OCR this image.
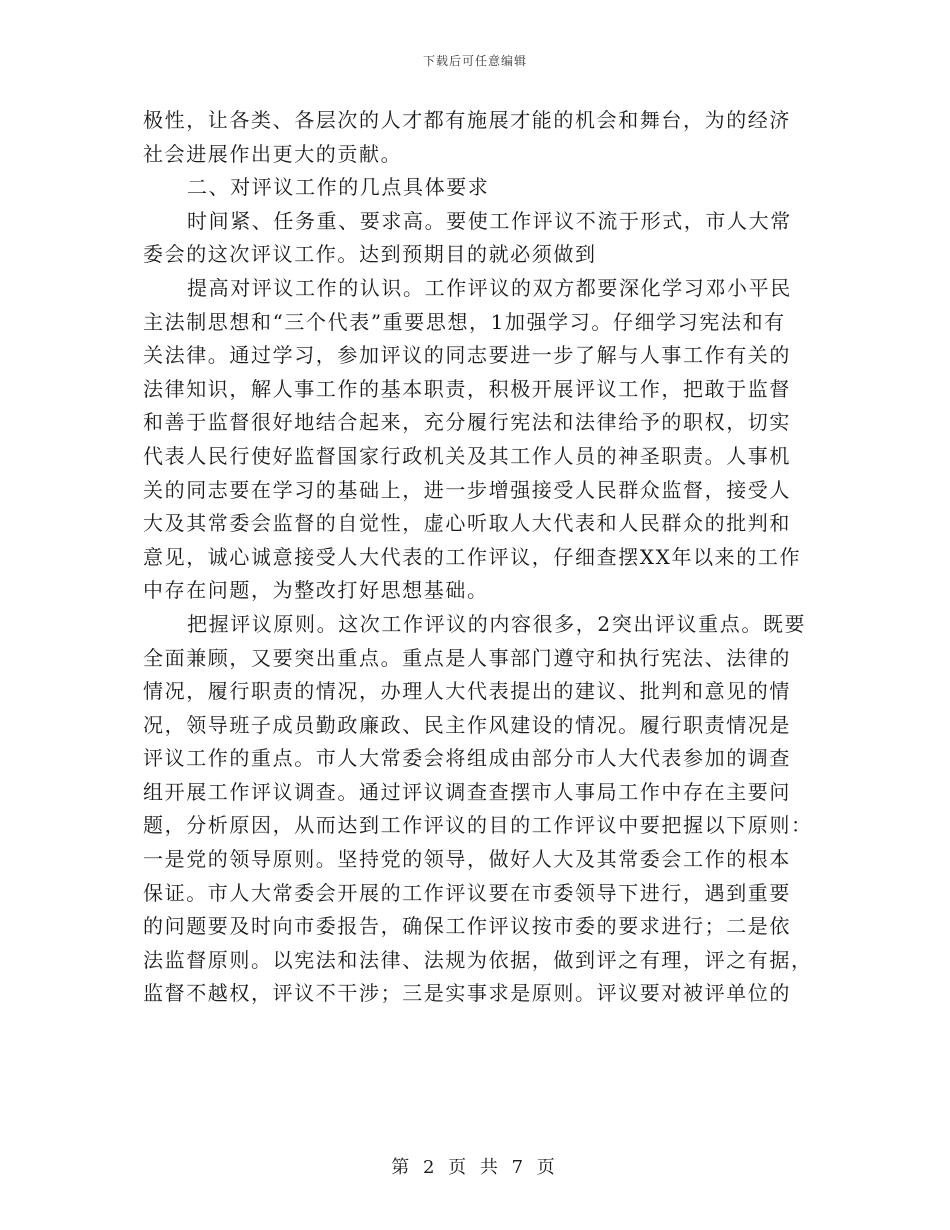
下载后可任意编辑
极性，让各类、各层次的人才都有施展才能的机会和舞台，为的经济
社会进展作出更大的贡献。
二、对评议工作的几点具体要求
时间紧、任务重、要求高。要使工作评议不流于形式，市人大常
委会的这次评议工作。达到预期目的就必须做到
提高对评议工作的认识。工作评议的双方都要深化学习邓小平民
主法制思想和“三个代表”重要思想，1加强学习。仔细学习宪法和有
关法律。通过学习，参加评议的同志要进一步了解与人事工作有关的
法律知识，解人事工作的基本职责，积极开展评议工作，把敢于监督
和善于监督很好地结合起来，充分履行宪法和法律给予的职权，切实
代表人民行使好监督国家行政机关及其工作人员的神圣职责。人事机
关的同志要在学习的基础上，进一步增强接受人民群众监督，接受人
大及其常委会监督的自觉性，虚心听取人大代表和人民群众的批判和
意见，诚心诚意接受人大代表的工作评议，仔细查摆XX年以来的工作
中存在问题，为整改打好思想基础。
把握评议原则。这次工作评议的内容很多，2突出评议重点。既要
全面兼顾，又要突出重点。重点是人事部门遵守和执行宪法、法律的
情况，履行职责的情况，办理人大代表提出的建议、批判和意见的情
况，领导班子成员勤政廉政、民主作风建设的情况。履行职责情况是
评议工作的重点。市人大常委会将组成由部分市人大代表参加的调查
组开展工作评议调查。通过评议调查查摆市人事局工作中存在主要问
题，分析原因，从而达到工作评议的目的工作评议中要把握以下原则：
一是党的领导原则。坚持党的领导，做好人大及其常委会工作的根本
保证。市人大常委会开展的工作评议要在市委领导下进行，遇到重要
的问题要及时向市委报告，确保工作评议按市委的要求进行；二是依
法监督原则。以宪法和法律、法规为依据，做到评之有理，评之有据，
监督不越权，评议不干涉；三是实事求是原则。评议要对被评单位的
第 2 页 共 7 页
